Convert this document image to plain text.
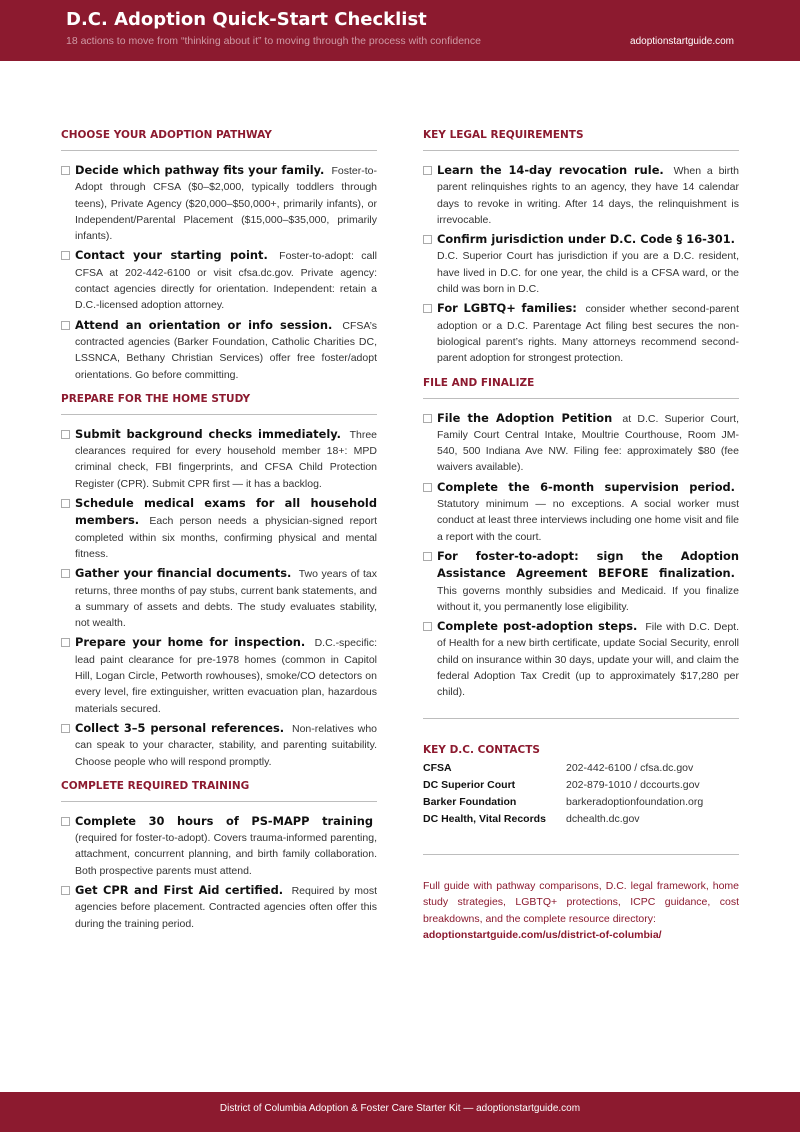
D.C. Adoption Quick-Start Checklist
18 actions to move from “thinking about it” to moving through the process with confidence	adoptionstartguide.com
CHOOSE YOUR ADOPTION PATHWAY
Decide which pathway fits your family. Foster-to-Adopt through CFSA ($0–$2,000, typically toddlers through teens), Private Agency ($20,000–$50,000+, primarily infants), or Independent/Parental Placement ($15,000–$35,000, primarily infants).
Contact your starting point. Foster-to-adopt: call CFSA at 202-442-6100 or visit cfsa.dc.gov. Private agency: contact agencies directly for orientation. Independent: retain a D.C.-licensed adoption attorney.
Attend an orientation or info session. CFSA’s contracted agencies (Barker Foundation, Catholic Charities DC, LSSNCA, Bethany Christian Services) offer free foster/adopt orientations. Go before committing.
PREPARE FOR THE HOME STUDY
Submit background checks immediately. Three clearances required for every household member 18+: MPD criminal check, FBI fingerprints, and CFSA Child Protection Register (CPR). Submit CPR first — it has a backlog.
Schedule medical exams for all household members. Each person needs a physician-signed report completed within six months, confirming physical and mental fitness.
Gather your financial documents. Two years of tax returns, three months of pay stubs, current bank statements, and a summary of assets and debts. The study evaluates stability, not wealth.
Prepare your home for inspection. D.C.-specific: lead paint clearance for pre-1978 homes (common in Capitol Hill, Logan Circle, Petworth rowhouses), smoke/CO detectors on every level, fire extinguisher, written evacuation plan, hazardous materials secured.
Collect 3–5 personal references. Non-relatives who can speak to your character, stability, and parenting suitability. Choose people who will respond promptly.
COMPLETE REQUIRED TRAINING
Complete 30 hours of PS-MAPP training (required for foster-to-adopt). Covers trauma-informed parenting, attachment, concurrent planning, and birth family collaboration. Both prospective parents must attend.
Get CPR and First Aid certified. Required by most agencies before placement. Contracted agencies often offer this during the training period.
KEY LEGAL REQUIREMENTS
Learn the 14-day revocation rule. When a birth parent relinquishes rights to an agency, they have 14 calendar days to revoke in writing. After 14 days, the relinquishment is irrevocable.
Confirm jurisdiction under D.C. Code § 16-301. D.C. Superior Court has jurisdiction if you are a D.C. resident, have lived in D.C. for one year, the child is a CFSA ward, or the child was born in D.C.
For LGBTQ+ families: consider whether second-parent adoption or a D.C. Parentage Act filing best secures the non-biological parent’s rights. Many attorneys recommend second-parent adoption for strongest protection.
FILE AND FINALIZE
File the Adoption Petition at D.C. Superior Court, Family Court Central Intake, Moultrie Courthouse, Room JM-540, 500 Indiana Ave NW. Filing fee: approximately $80 (fee waivers available).
Complete the 6-month supervision period. Statutory minimum — no exceptions. A social worker must conduct at least three interviews including one home visit and file a report with the court.
For foster-to-adopt: sign the Adoption Assistance Agreement BEFORE finalization. This governs monthly subsidies and Medicaid. If you finalize without it, you permanently lose eligibility.
Complete post-adoption steps. File with D.C. Dept. of Health for a new birth certificate, update Social Security, enroll child on insurance within 30 days, update your will, and claim the federal Adoption Tax Credit (up to approximately $17,280 per child).
KEY D.C. CONTACTS
CFSA	202-442-6100 / cfsa.dc.gov
DC Superior Court	202-879-1010 / dccourts.gov
Barker Foundation	barkeradoptionfoundation.org
DC Health, Vital Records	dchealth.dc.gov
Full guide with pathway comparisons, D.C. legal framework, home study strategies, LGBTQ+ protections, ICPC guidance, cost breakdowns, and the complete resource directory:
adoptionstartguide.com/us/district-of-columbia/
District of Columbia Adoption & Foster Care Starter Kit — adoptionstartguide.com
